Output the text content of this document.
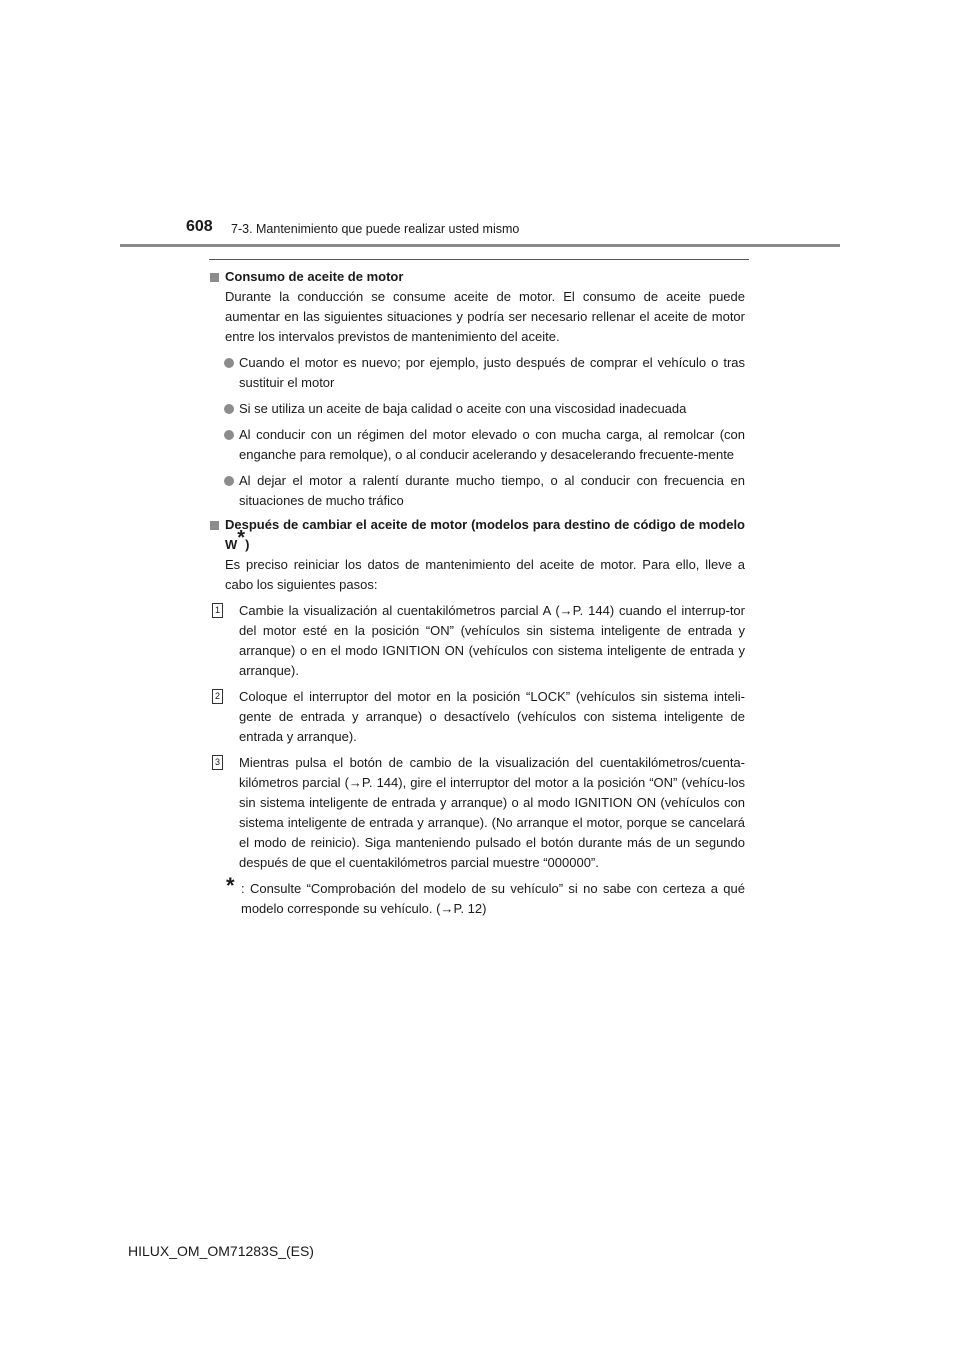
608 7-3. Mantenimiento que puede realizar usted mismo
Consumo de aceite de motor
Durante la conducción se consume aceite de motor. El consumo de aceite puede aumentar en las siguientes situaciones y podría ser necesario rellenar el aceite de motor entre los intervalos previstos de mantenimiento del aceite.
Cuando el motor es nuevo; por ejemplo, justo después de comprar el vehículo o tras sustituir el motor
Si se utiliza un aceite de baja calidad o aceite con una viscosidad inadecuada
Al conducir con un régimen del motor elevado o con mucha carga, al remolcar (con enganche para remolque), o al conducir acelerando y desacelerando frecuente-mente
Al dejar el motor a ralentí durante mucho tiempo, o al conducir con frecuencia en situaciones de mucho tráfico
Después de cambiar el aceite de motor (modelos para destino de código de modelo W*)
Es preciso reiniciar los datos de mantenimiento del aceite de motor. Para ello, lleve a cabo los siguientes pasos:
1 Cambie la visualización al cuentakilómetros parcial A (→P. 144) cuando el interrup-tor del motor esté en la posición “ON” (vehículos sin sistema inteligente de entrada y arranque) o en el modo IGNITION ON (vehículos con sistema inteligente de entrada y arranque).
2 Coloque el interruptor del motor en la posición “LOCK” (vehículos sin sistema inteli-gente de entrada y arranque) o desactívelo (vehículos con sistema inteligente de entrada y arranque).
3 Mientras pulsa el botón de cambio de la visualización del cuentakilómetros/cuenta-kilómetros parcial (→P. 144), gire el interruptor del motor a la posición “ON” (vehícu-los sin sistema inteligente de entrada y arranque) o al modo IGNITION ON (vehículos con sistema inteligente de entrada y arranque). (No arranque el motor, porque se cancelará el modo de reinicio). Siga manteniendo pulsado el botón durante más de un segundo después de que el cuentakilómetros parcial muestre “000000”.
* : Consulte “Comprobación del modelo de su vehículo” si no sabe con certeza a qué modelo corresponde su vehículo. (→P. 12)
HILUX_OM_OM71283S_(ES)
